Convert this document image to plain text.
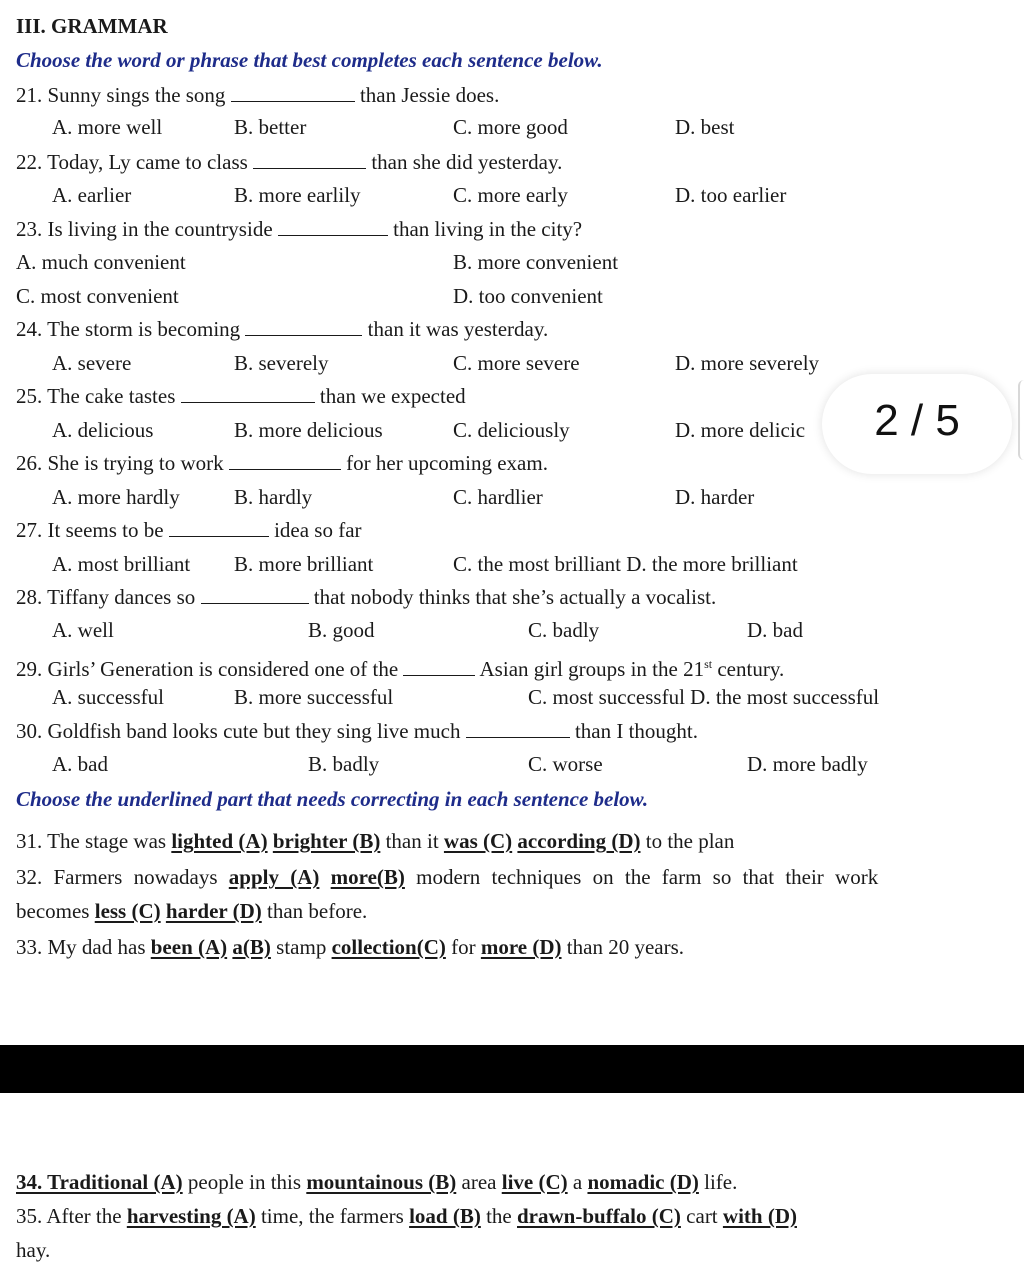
III. GRAMMAR
Choose the word or phrase that best completes each sentence below.
21. Sunny sings the song	than Jessie does.
A. more well	B. better	C. more good	D. best
22. Today, Ly came to class	than she did yesterday.
A. earlier	B. more earlily	C. more early	D. too earlier
23. Is living in the countryside	than living in the city?
A. much convenient	B. more convenient
C. most convenient	D. too convenient
24. The storm is becoming	than it was yesterday.
A. severe	B. severely	C. more severe	D. more severely
25. The cake tastes	than we expected
A. delicious	B. more delicious	C. deliciously	D. more delicic
26. She is trying to work	for her upcoming exam.
A. more hardly	B. hardly	C. hardlier	D. harder
27. It seems to be	idea so far
A. most brilliant B. more brilliant	C. the most brilliant D. the more brilliant
28. Tiffany dances so	that nobody thinks that she’s actually a vocalist.
A. well	B. good	C. badly	D. bad
29. Girls’ Generation is considered one of the	Asian girl groups in the 21st century.
A. successful	B. more successful	C. most successful D. the most successful
30. Goldfish band looks cute but they sing live much	than I thought.
A. bad	B. badly	C. worse	D. more badly
Choose the underlined part that needs correcting in each sentence below.
31. The stage was lighted (A) brighter (B) than it was (C) according (D) to the plan
32. Farmers nowadays apply (A) more(B) modern techniques on the farm so that their work
becomes less (C) harder (D) than before.
33. My dad has been (A) a(B) stamp collection(C) for more (D) than 20 years.
34. Traditional (A) people in this mountainous (B) area live (C) a nomadic (D) life.
35. After the harvesting (A) time, the farmers load (B) the drawn-buffalo (C) cart with (D)
hay.
2 / 5
